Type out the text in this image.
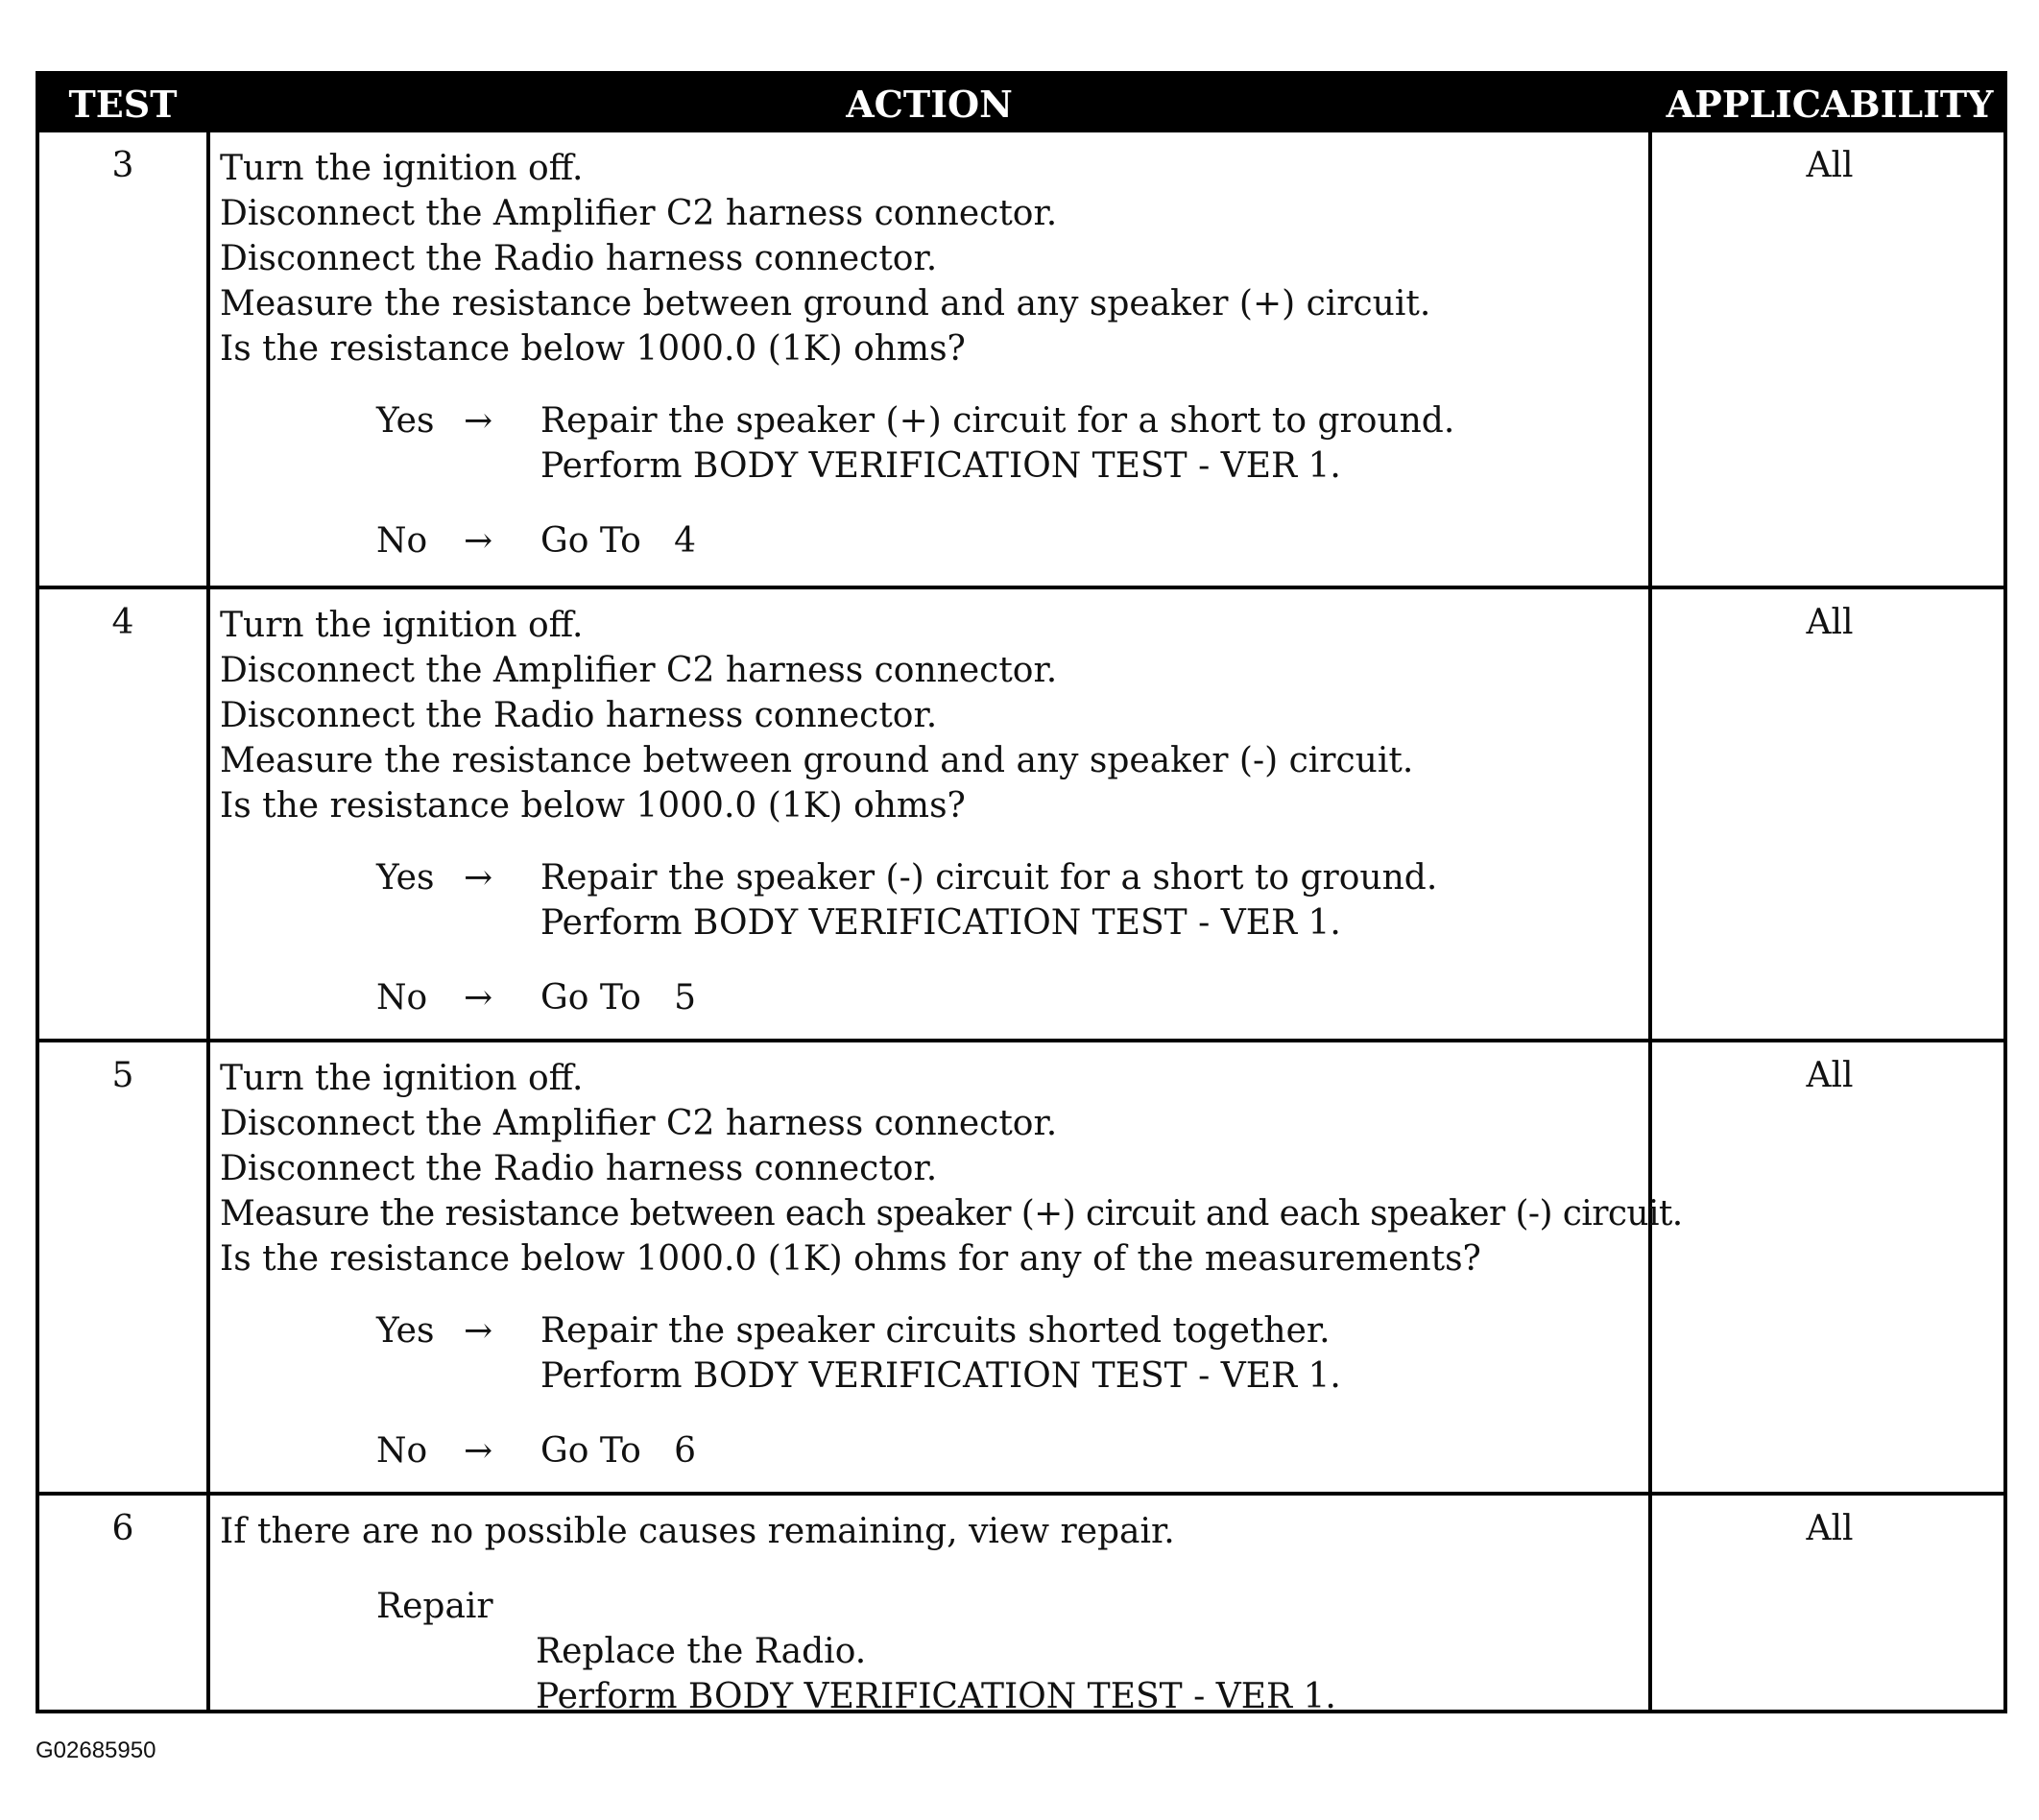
TEST	ACTION	APPLICABILITY
3	Turn the ignition off.
Disconnect the Amplifier C2 harness connector.
Disconnect the Radio harness connector.
Measure the resistance between ground and any speaker (+) circuit.
Is the resistance below 1000.0 (1K) ohms?
Yes → Repair the speaker (+) circuit for a short to ground.
Perform BODY VERIFICATION TEST - VER 1.
No → Go To   4
All
4	Turn the ignition off.
Disconnect the Amplifier C2 harness connector.
Disconnect the Radio harness connector.
Measure the resistance between ground and any speaker (-) circuit.
Is the resistance below 1000.0 (1K) ohms?
Yes → Repair the speaker (-) circuit for a short to ground.
Perform BODY VERIFICATION TEST - VER 1.
No → Go To   5
All
5	Turn the ignition off.
Disconnect the Amplifier C2 harness connector.
Disconnect the Radio harness connector.
Measure the resistance between each speaker (+) circuit and each speaker (-) circuit.
Is the resistance below 1000.0 (1K) ohms for any of the measurements?
Yes → Repair the speaker circuits shorted together.
Perform BODY VERIFICATION TEST - VER 1.
No → Go To   6
All
6	If there are no possible causes remaining, view repair.
Repair
Replace the Radio.
Perform BODY VERIFICATION TEST - VER 1.
All
G02685950
